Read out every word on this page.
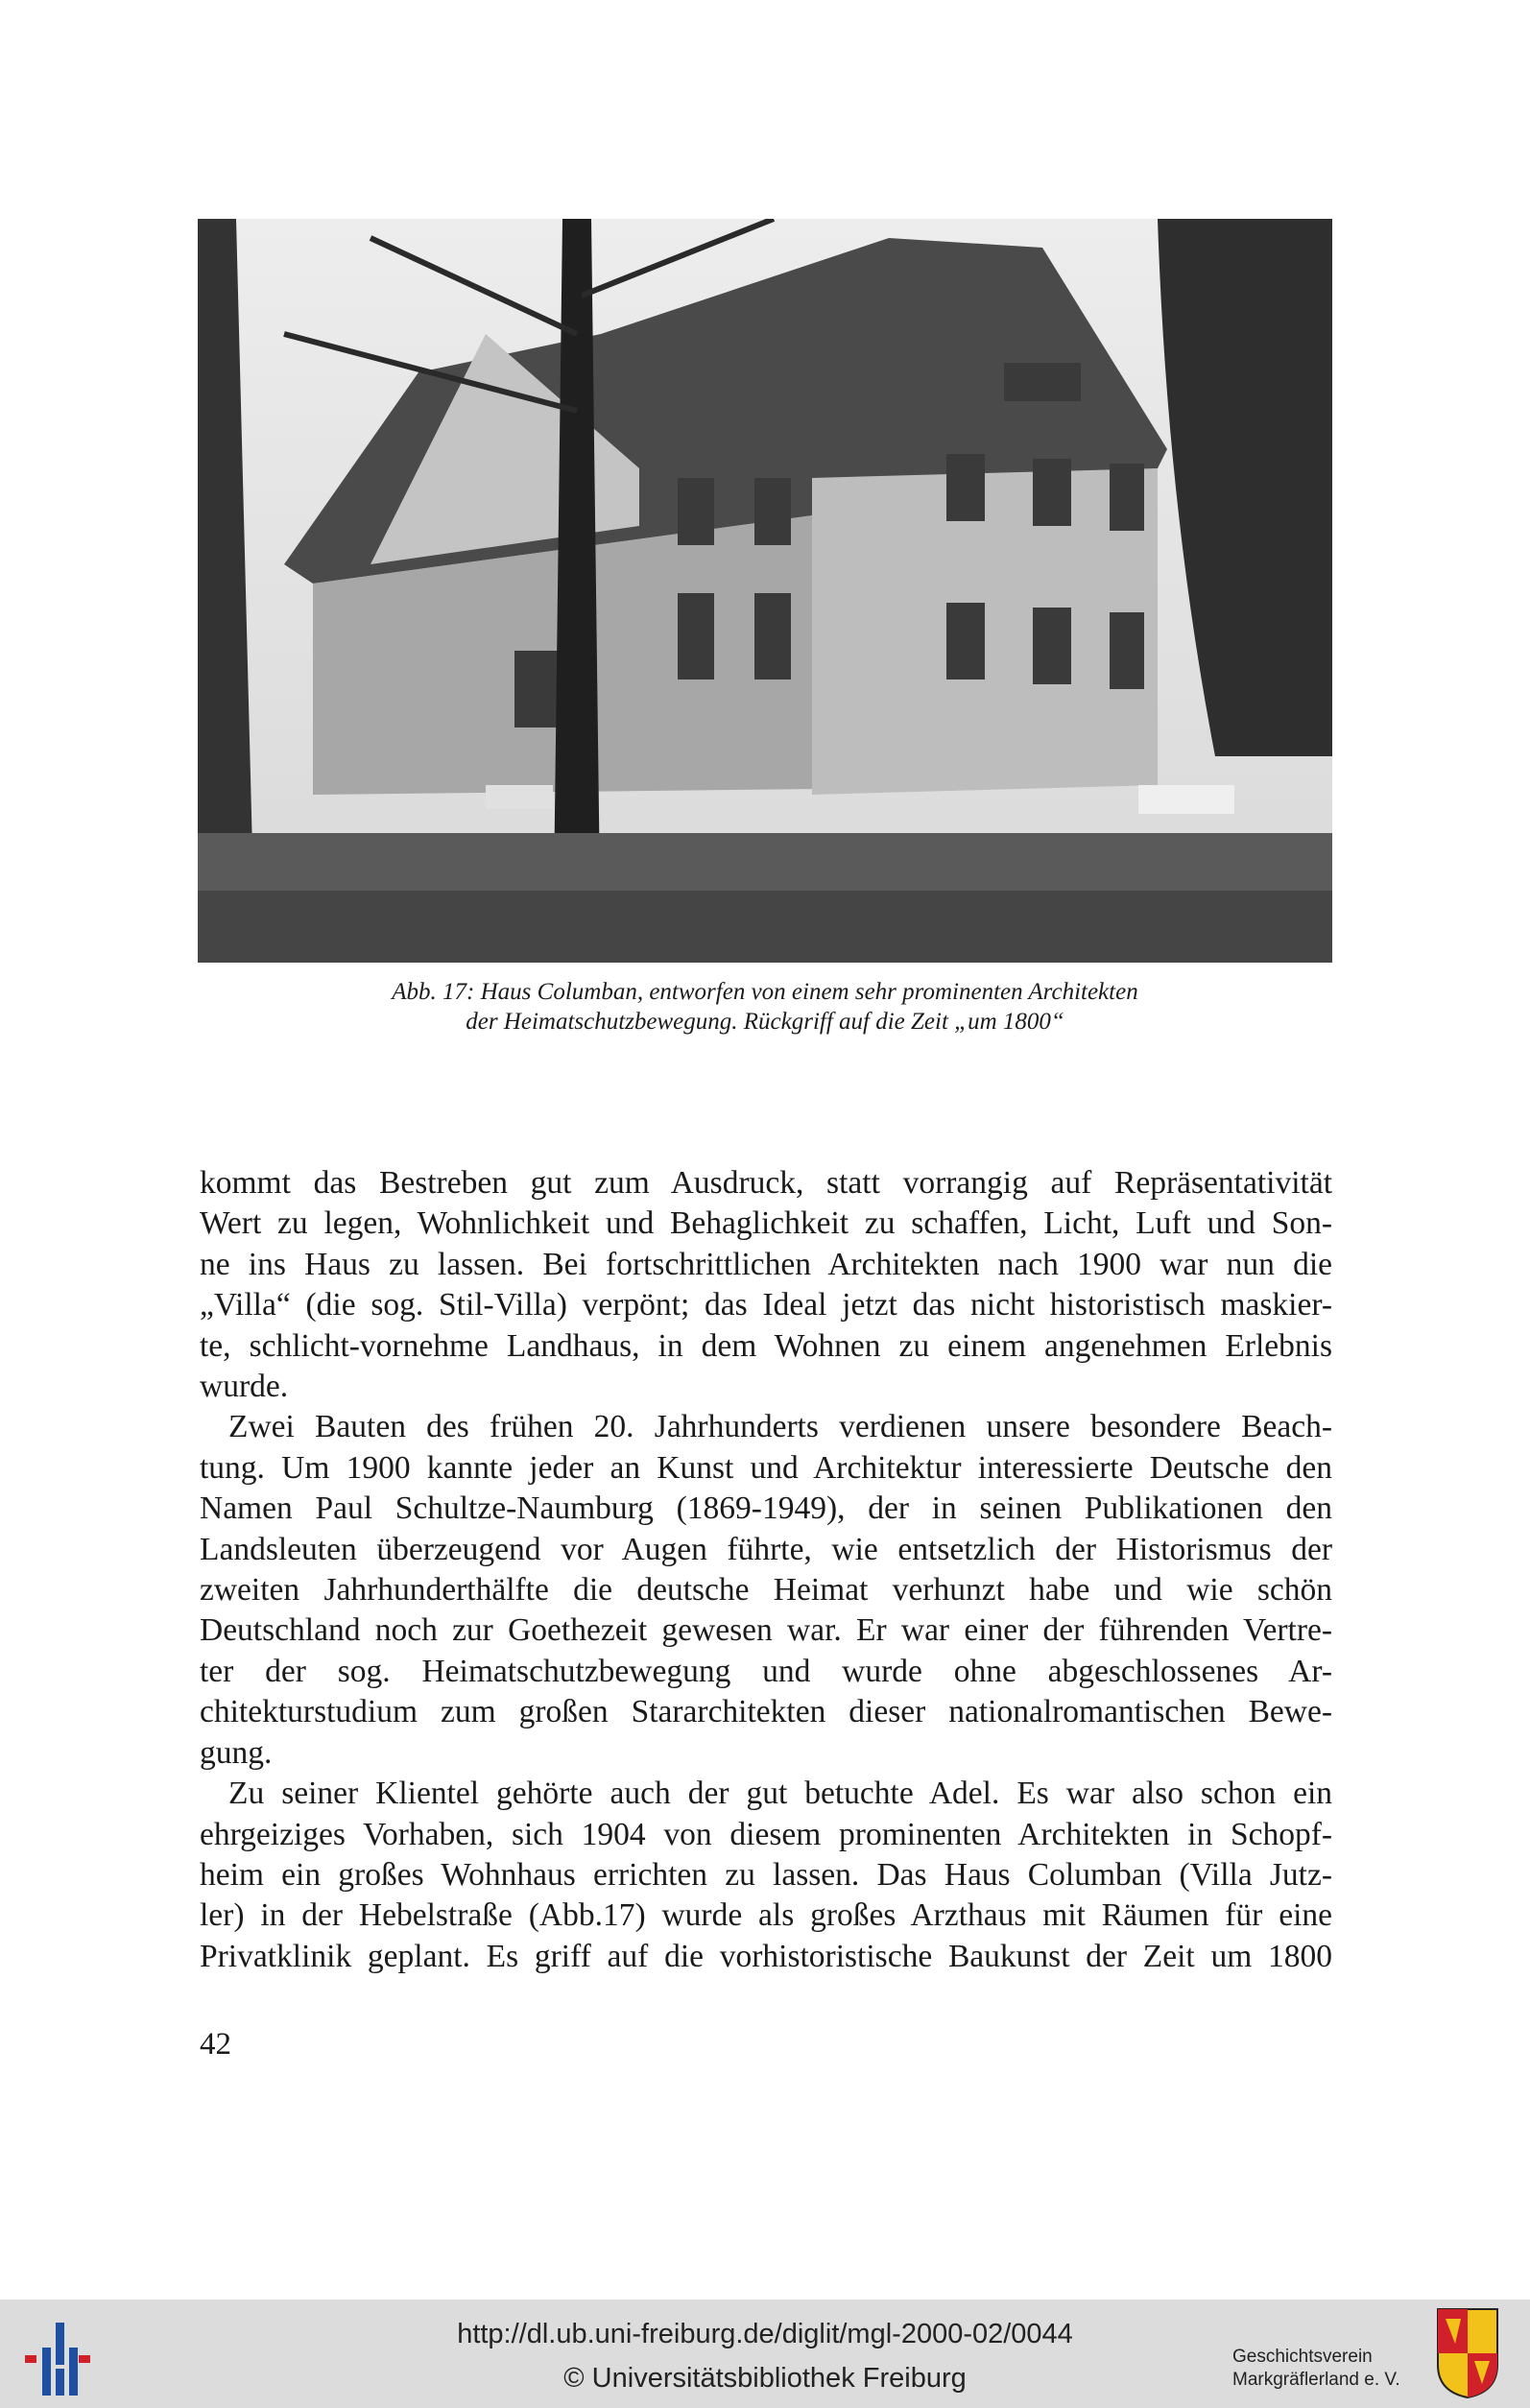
Abb. 17: Haus Columban, entworfen von einem sehr prominenten Architekten
der Heimatschutzbewegung. Rückgriff auf die Zeit „um 1800“
kommt das Bestreben gut zum Ausdruck, statt vorrangig auf Repräsentativität
Wert zu legen, Wohnlichkeit und Behaglichkeit zu schaffen, Licht, Luft und Son-
ne ins Haus zu lassen. Bei fortschrittlichen Architekten nach 1900 war nun die
„Villa“ (die sog. Stil-Villa) verpönt; das Ideal jetzt das nicht historistisch maskier-
te, schlicht-vornehme Landhaus, in dem Wohnen zu einem angenehmen Erlebnis
wurde.
Zwei Bauten des frühen 20. Jahrhunderts verdienen unsere besondere Beach-
tung. Um 1900 kannte jeder an Kunst und Architektur interessierte Deutsche den
Namen Paul Schultze-Naumburg (1869-1949), der in seinen Publikationen den
Landsleuten überzeugend vor Augen führte, wie entsetzlich der Historismus der
zweiten Jahrhunderthälfte die deutsche Heimat verhunzt habe und wie schön
Deutschland noch zur Goethezeit gewesen war. Er war einer der führenden Vertre-
ter der sog. Heimatschutzbewegung und wurde ohne abgeschlossenes Ar-
chitekturstudium zum großen Stararchitekten dieser nationalromantischen Bewe-
gung.
Zu seiner Klientel gehörte auch der gut betuchte Adel. Es war also schon ein
ehrgeiziges Vorhaben, sich 1904 von diesem prominenten Architekten in Schopf-
heim ein großes Wohnhaus errichten zu lassen. Das Haus Columban (Villa Jutz-
ler) in der Hebelstraße (Abb.17) wurde als großes Arzthaus mit Räumen für eine
Privatklinik geplant. Es griff auf die vorhistoristische Baukunst der Zeit um 1800
42
http://dl.ub.uni-freiburg.de/diglit/mgl-2000-02/0044
© Universitätsbibliothek Freiburg
Geschichtsverein
Markgräflerland e. V.
